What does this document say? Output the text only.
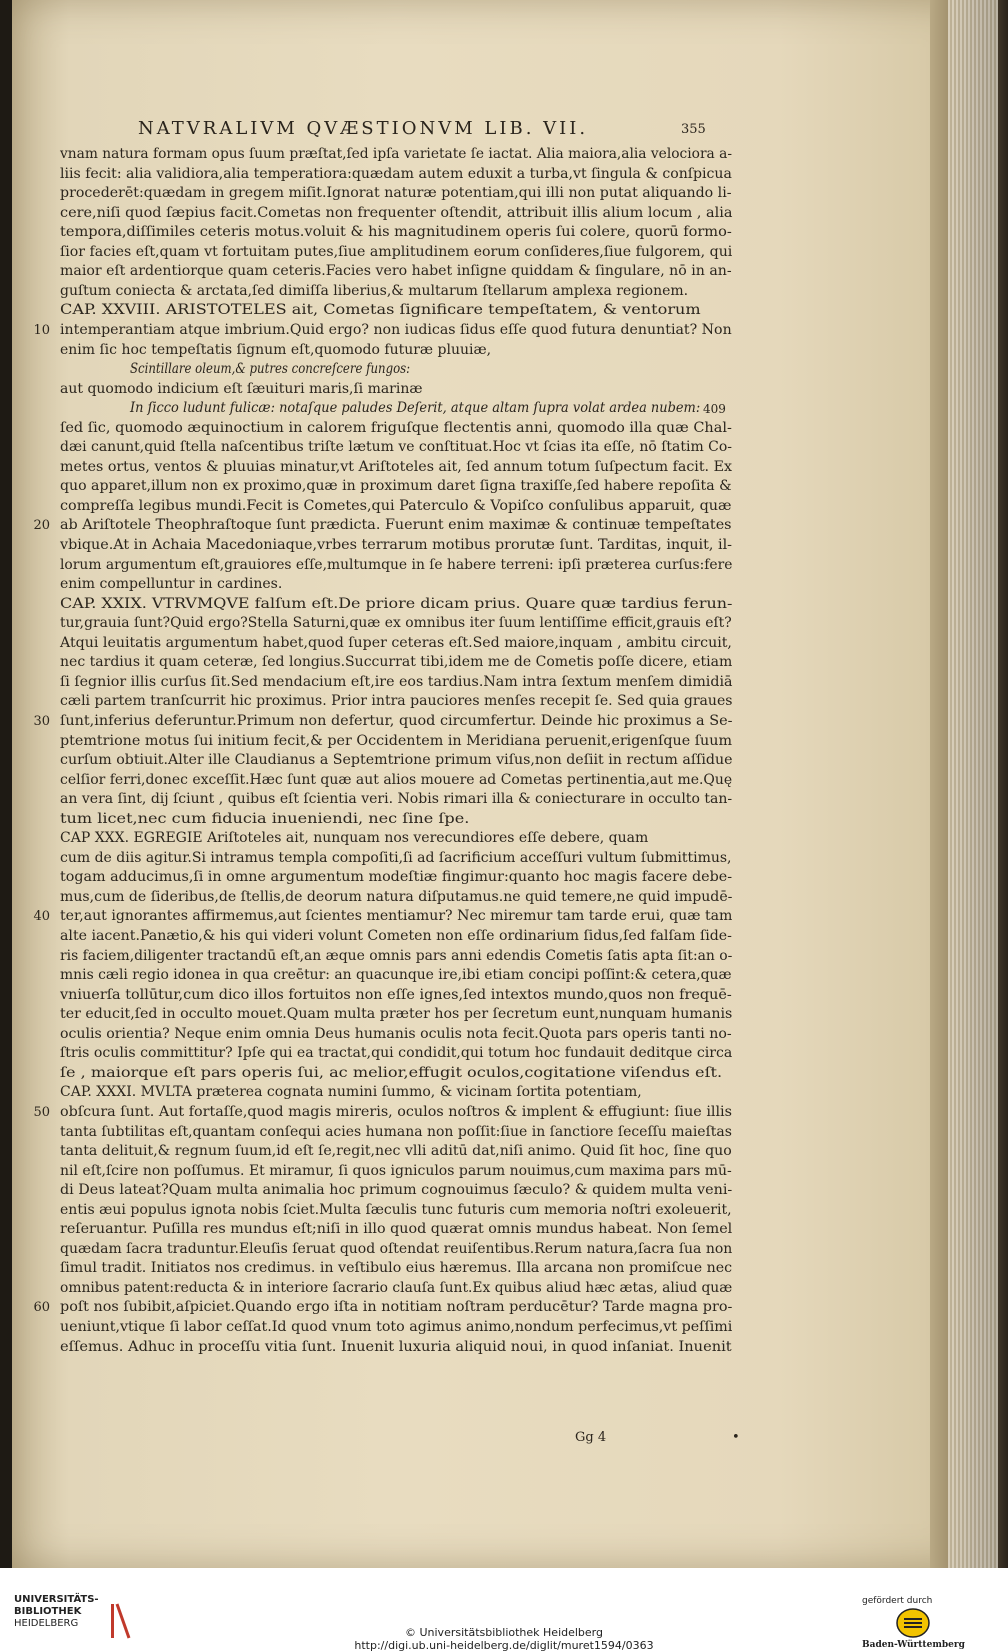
NATVRALIVM QVÆSTIONVM LIB. VII.	355
vnam natura formam opus ſuum præſtat,ſed ipſa varietate ſe iactat. Alia maiora,alia velociora a-
liis fecit: alia validiora,alia temperatiora:quædam autem eduxit a turba,vt ſingula & conſpicua
procederēt:quædam in gregem miſit.Ignorat naturæ potentiam,qui illi non putat aliquando li-
cere,niſi quod ſæpius facit.Cometas non frequenter oſtendit, attribuit illis alium locum , alia
tempora,diſſimiles ceteris motus.voluit & his magnitudinem operis ſui colere, quorū formo-
ſior facies eſt,quam vt fortuitam putes,ſiue amplitudinem eorum conſideres,ſiue fulgorem, qui
maior eſt ardentiorque quam ceteris.Facies vero habet inſigne quiddam & ſingulare, nō in an-
guſtum coniecta & arctata,ſed dimiſſa liberius,& multarum ſtellarum amplexa regionem.
CAP. XXVIII. ARISTOTELES ait, Cometas ſignificare tempeſtatem, & ventorum
intemperantiam atque imbrium.Quid ergo? non iudicas ſidus eſſe quod futura denuntiat? Non
enim ſic hoc tempeſtatis ſignum eſt,quomodo futuræ pluuiæ,
Scintillare oleum,& putres concreſcere fungos:
aut quomodo indicium eſt ſæuituri maris,ſi marinæ
In ſicco ludunt fulicæ: notaſque paludes Deſerit, atque altam ſupra volat ardea nubem:
ſed ſic, quomodo æquinoctium in calorem friguſque flectentis anni, quomodo illa quæ Chal-
dæi canunt,quid ſtella naſcentibus triſte lætum ve conſtituat.Hoc vt ſcias ita eſſe, nō ſtatim Co-
metes ortus, ventos & pluuias minatur,vt Ariſtoteles ait, ſed annum totum ſuſpectum facit. Ex
quo apparet,illum non ex proximo,quæ in proximum daret ſigna traxiſſe,ſed habere repoſita &
compreſſa legibus mundi.Fecit is Cometes,qui Paterculo & Vopiſco conſulibus apparuit, quæ
ab Ariſtotele Theophraſtoque ſunt prædicta. Fuerunt enim maximæ & continuæ tempeſtates
vbique.At in Achaia Macedoniaque,vrbes terrarum motibus prorutæ ſunt. Tarditas, inquit, il-
lorum argumentum eſt,grauiores eſſe,multumque in ſe habere terreni: ipſi præterea curſus:fere
enim compelluntur in cardines.
CAP. XXIX. VTRVMQVE falſum eſt.De priore dicam prius. Quare quæ tardius ferun-
tur,grauia ſunt?Quid ergo?Stella Saturni,quæ ex omnibus iter ſuum lentiſſime efficit,grauis eſt?
Atqui leuitatis argumentum habet,quod ſuper ceteras eſt.Sed maiore,inquam , ambitu circuit,
nec tardius it quam ceteræ, ſed longius.Succurrat tibi,idem me de Cometis poſſe dicere, etiam
ſi ſegnior illis curſus ſit.Sed mendacium eſt,ire eos tardius.Nam intra ſextum menſem dimidiā
cæli partem tranſcurrit hic proximus. Prior intra pauciores menſes recepit ſe. Sed quia graues
ſunt,inferius deferuntur.Primum non defertur, quod circumfertur. Deinde hic proximus a Se-
ptemtrione motus ſui initium fecit,& per Occidentem in Meridiana peruenit,erigenſque ſuum
curſum obtiuit.Alter ille Claudianus a Septemtrione primum viſus,non deſiit in rectum aſſidue
celſior ferri,donec exceſſit.Hæc ſunt quæ aut alios mouere ad Cometas pertinentia,aut me.Quę
an vera ſint, dij ſciunt , quibus eſt ſcientia veri. Nobis rimari illa & coniecturare in occulto tan-
tum licet,nec cum fiducia inueniendi, nec ſine ſpe.
CAP XXX. EGREGIE Ariſtoteles ait, nunquam nos verecundiores eſſe debere, quam
cum de diis agitur.Si intramus templa compoſiti,ſi ad ſacrificium acceſſuri vultum ſubmittimus,
togam adducimus,ſi in omne argumentum modeſtiæ fingimur:quanto hoc magis facere debe-
mus,cum de ſideribus,de ſtellis,de deorum natura diſputamus.ne quid temere,ne quid impudē-
ter,aut ignorantes affirmemus,aut ſcientes mentiamur? Nec miremur tam tarde erui, quæ tam
alte iacent.Panætio,& his qui videri volunt Cometen non eſſe ordinarium ſidus,ſed falſam ſide-
ris faciem,diligenter tractandū eſt,an æque omnis pars anni edendis Cometis ſatis apta ſit:an o-
mnis cæli regio idonea in qua creētur: an quacunque ire,ibi etiam concipi poſſint:& cetera,quæ
vniuerſa tollūtur,cum dico illos fortuitos non eſſe ignes,ſed intextos mundo,quos non frequē-
ter educit,ſed in occulto mouet.Quam multa præter hos per ſecretum eunt,nunquam humanis
oculis orientia? Neque enim omnia Deus humanis oculis nota fecit.Quota pars operis tanti no-
ſtris oculis committitur? Ipſe qui ea tractat,qui condidit,qui totum hoc fundauit deditque circa
ſe , maiorque eſt pars operis ſui, ac melior,effugit oculos,cogitatione viſendus eſt.
CAP. XXXI. MVLTA præterea cognata numini ſummo, & vicinam ſortita potentiam,
obſcura ſunt. Aut fortaſſe,quod magis mireris, oculos noſtros & implent & effugiunt: ſiue illis
tanta ſubtilitas eſt,quantam conſequi acies humana non poſſit:ſiue in ſanctiore ſeceſſu maieſtas
tanta delituit,& regnum ſuum,id eſt ſe,regit,nec vlli aditū dat,niſi animo. Quid ſit hoc, ſine quo
nil eſt,ſcire non poſſumus. Et miramur, ſi quos igniculos parum nouimus,cum maxima pars mū-
di Deus lateat?Quam multa animalia hoc primum cognouimus ſæculo? & quidem multa veni-
entis æui populus ignota nobis ſciet.Multa ſæculis tunc futuris cum memoria noſtri exoleuerit,
reſeruantur. Puſilla res mundus eſt;niſi in illo quod quærat omnis mundus habeat. Non ſemel
quædam ſacra traduntur.Eleuſis ſeruat quod oſtendat reuiſentibus.Rerum natura,ſacra ſua non
ſimul tradit. Initiatos nos credimus. in veſtibulo eius hæremus. Illa arcana non promiſcue nec
omnibus patent:reducta & in interiore ſacrario clauſa ſunt.Ex quibus aliud hæc ætas, aliud quæ
poſt nos ſubibit,aſpiciet.Quando ergo iſta in notitiam noſtram perducētur? Tarde magna pro-
ueniunt,vtique ſi labor ceſſat.Id quod vnum toto agimus animo,nondum perfecimus,vt peſſimi
eſſemus. Adhuc in proceſſu vitia ſunt. Inuenit luxuria aliquid noui, in quod inſaniat. Inuenit
10
20
30
40
50
60
409
Gg 4	•
UNIVERSITÄTS-
BIBLIOTHEK
HEIDELBERG
gefördert durch
Baden-Württemberg
© Universitätsbibliothek Heidelberg
http://digi.ub.uni-heidelberg.de/diglit/muret1594/0363
